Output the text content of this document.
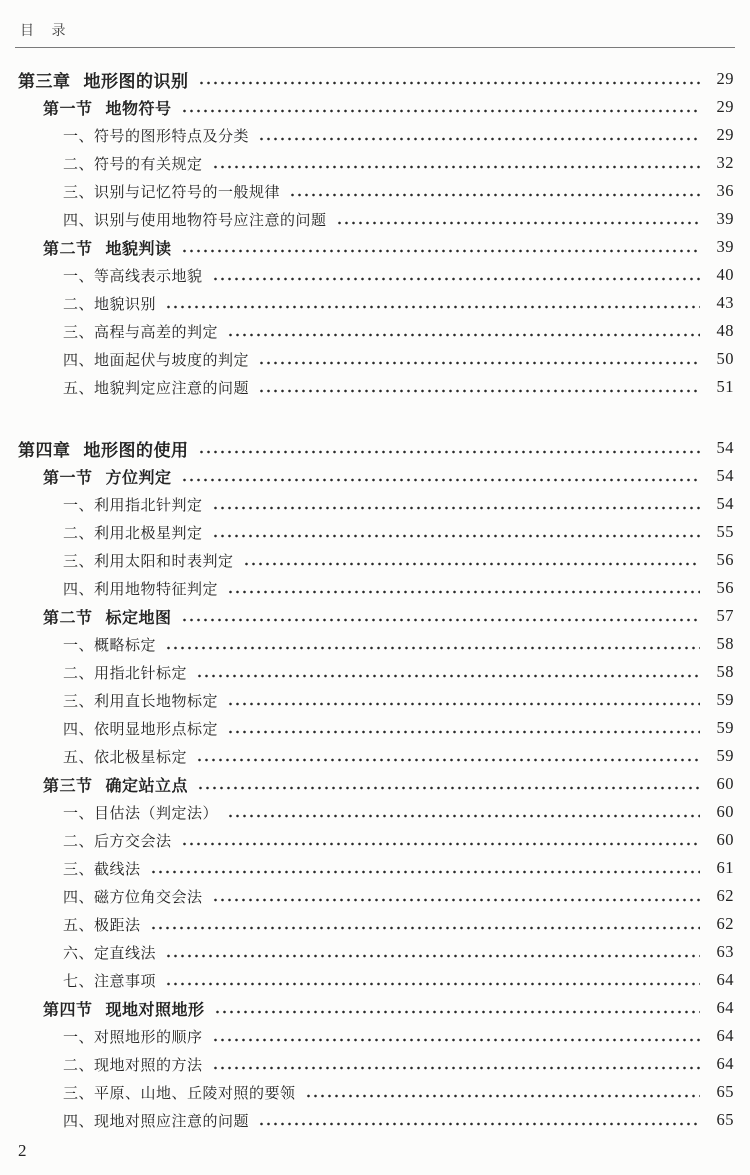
目 录
第三章 地形图的识别	29
第一节 地物符号	29
一、符号的图形特点及分类	29
二、符号的有关规定	32
三、识别与记忆符号的一般规律	36
四、识别与使用地物符号应注意的问题	39
第二节 地貌判读	39
一、等高线表示地貌	40
二、地貌识别	43
三、高程与高差的判定	48
四、地面起伏与坡度的判定	50
五、地貌判定应注意的问题	51
第四章 地形图的使用	54
第一节 方位判定	54
一、利用指北针判定	54
二、利用北极星判定	55
三、利用太阳和时表判定	56
四、利用地物特征判定	56
第二节 标定地图	57
一、概略标定	58
二、用指北针标定	58
三、利用直长地物标定	59
四、依明显地形点标定	59
五、依北极星标定	59
第三节 确定站立点	60
一、目估法（判定法）	60
二、后方交会法	60
三、截线法	61
四、磁方位角交会法	62
五、极距法	62
六、定直线法	63
七、注意事项	64
第四节 现地对照地形	64
一、对照地形的顺序	64
二、现地对照的方法	64
三、平原、山地、丘陵对照的要领	65
四、现地对照应注意的问题	65
2
